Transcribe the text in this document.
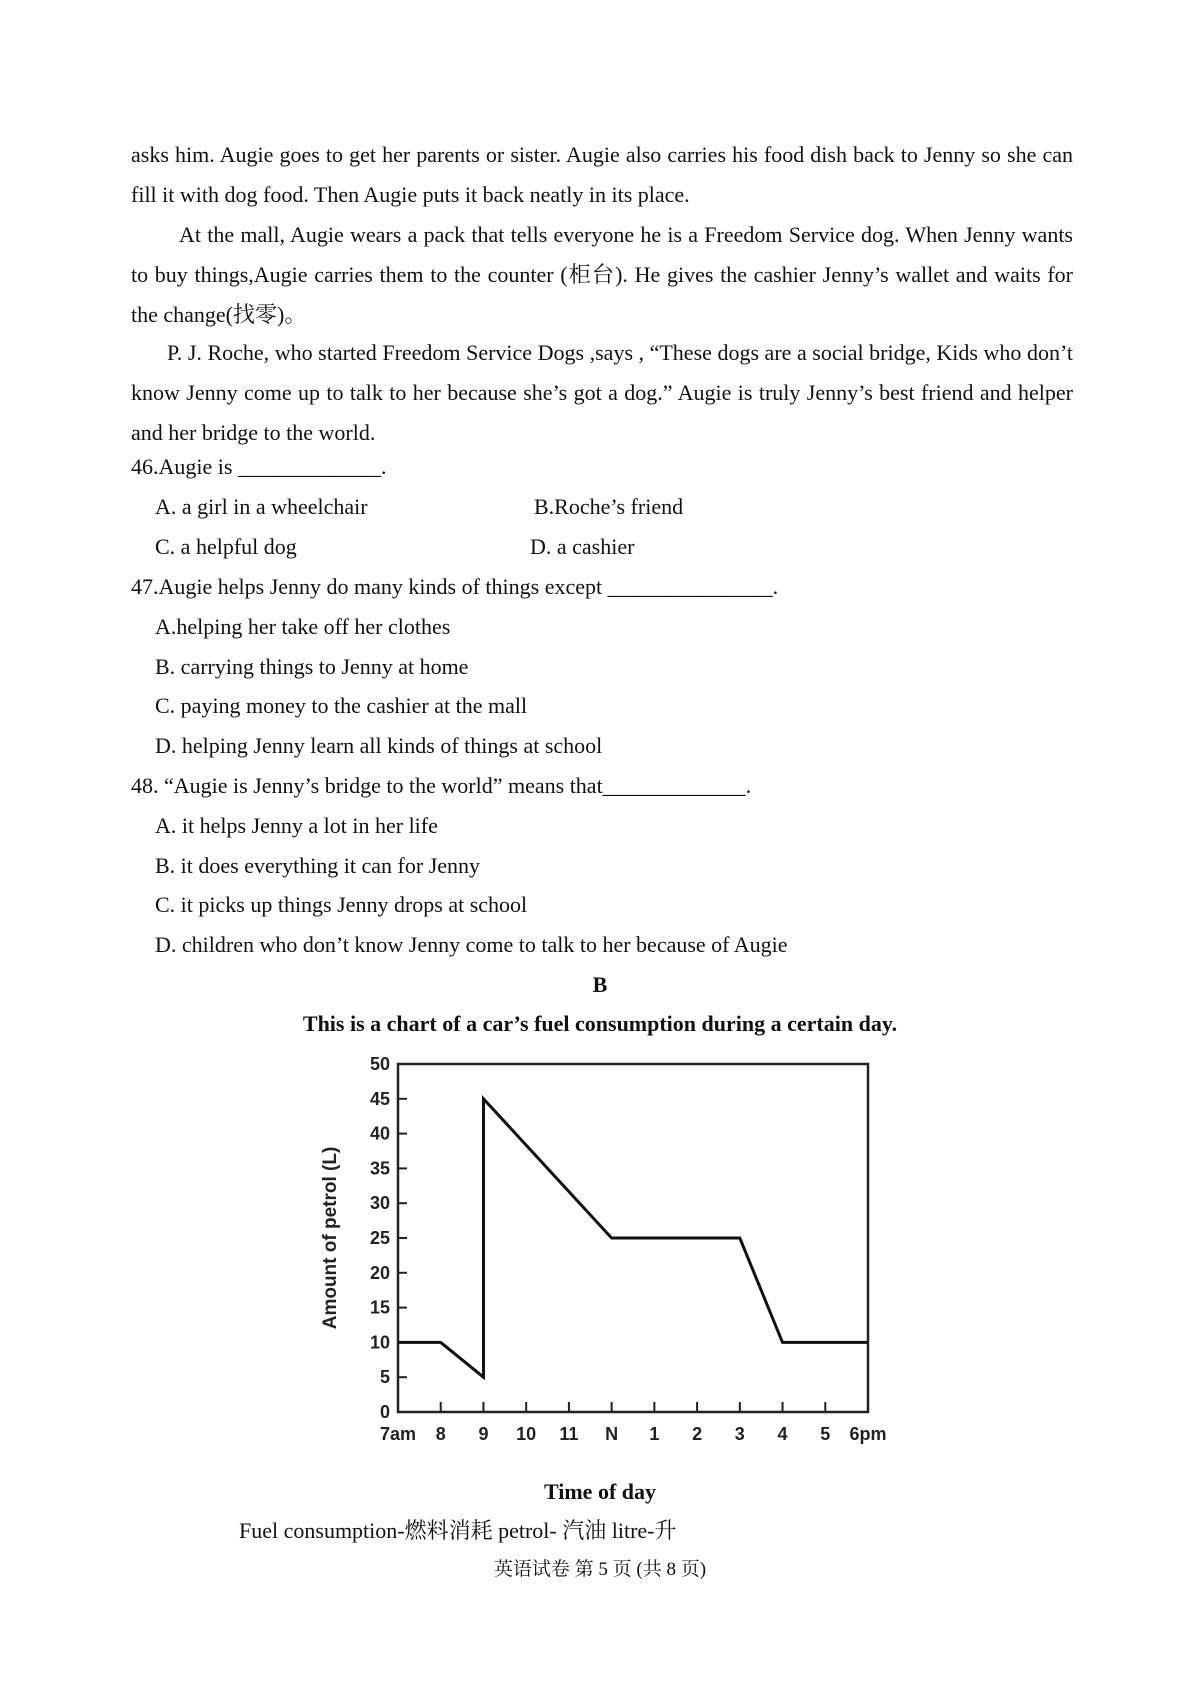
asks him. Augie goes to get her parents or sister. Augie also carries his food dish back to Jenny so she can fill it with dog food. Then Augie puts it back neatly in its place.

At the mall, Augie wears a pack that tells everyone he is a Freedom Service dog. When Jenny wants to buy things,Augie carries them to the counter (柜台). He gives the cashier Jenny’s wallet and waits for the change(找零)。

P. J. Roche, who started Freedom Service Dogs ,says , “These dogs are a social bridge, Kids who don’t know Jenny come up to talk to her because she’s got a dog.” Augie is truly Jenny’s best friend and helper and her bridge to the world.

46.Augie is _____________.
A. a girl in a wheelchair	B.Roche’s friend
C. a helpful dog	D. a cashier
47.Augie helps Jenny do many kinds of things except _______________.
A.helping her take off her clothes
B. carrying things to Jenny at home
C. paying money to the cashier at the mall
D. helping Jenny learn all kinds of things at school
48. “Augie is Jenny’s bridge to the world” means that_____________.
A. it helps Jenny a lot in her life
B. it does everything it can for Jenny
C. it picks up things Jenny drops at school
D. children who don’t know Jenny come to talk to her because of Augie
B
This is a chart of a car’s fuel consumption during a certain day.
0
5
10
15
20
25
30
35
40
45
50
7am 8 9 10 11 N 1 2 3 4 5 6pm
Amount of petrol (L)
Time of day
Fuel consumption-燃料消耗 petrol- 汽油 litre-升
英语试卷 第 5 页 (共 8 页)
